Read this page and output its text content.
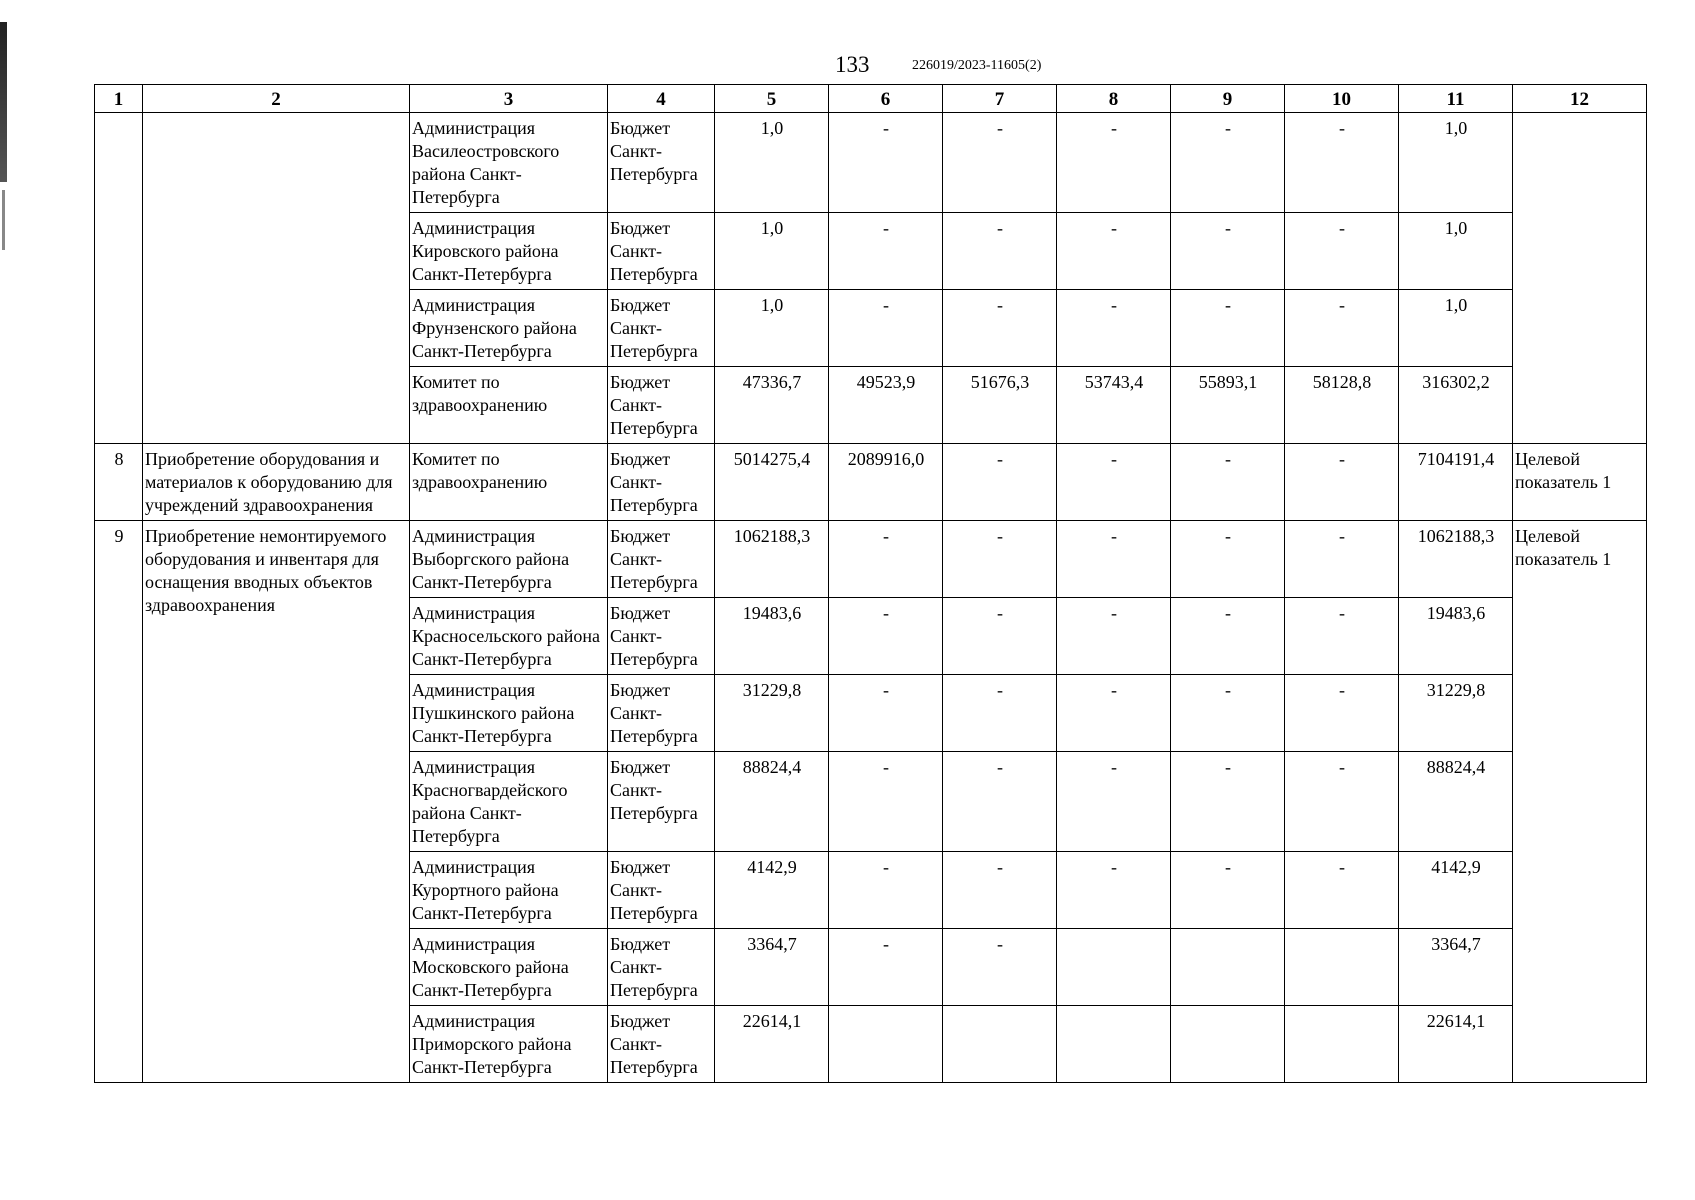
133	226019/2023-11605(2)
1	2	3	4	5	6	7	8	9	10	11	12
		Администрация Василеостровского района Санкт-Петербурга	Бюджет Санкт-Петербурга	1,0	-	-	-	-	-	1,0	
		Администрация Кировского района Санкт-Петербурга	Бюджет Санкт-Петербурга	1,0	-	-	-	-	-	1,0	
		Администрация Фрунзенского района Санкт-Петербурга	Бюджет Санкт-Петербурга	1,0	-	-	-	-	-	1,0	
		Комитет по здравоохранению	Бюджет Санкт-Петербурга	47336,7	49523,9	51676,3	53743,4	55893,1	58128,8	316302,2	
8	Приобретение оборудования и материалов к оборудованию для учреждений здравоохранения	Комитет по здравоохранению	Бюджет Санкт-Петербурга	5014275,4	2089916,0	-	-	-	-	7104191,4	Целевой показатель 1
9	Приобретение немонтируемого оборудования и инвентаря для оснащения вводных объектов здравоохранения	Администрация Выборгского района Санкт-Петербурга	Бюджет Санкт-Петербурга	1062188,3	-	-	-	-	-	1062188,3	Целевой показатель 1
		Администрация Красносельского района Санкт-Петербурга	Бюджет Санкт-Петербурга	19483,6	-	-	-	-	-	19483,6	
		Администрация Пушкинского района Санкт-Петербурга	Бюджет Санкт-Петербурга	31229,8	-	-	-	-	-	31229,8	
		Администрация Красногвардейского района Санкт-Петербурга	Бюджет Санкт-Петербурга	88824,4	-	-	-	-	-	88824,4	
		Администрация Курортного района Санкт-Петербурга	Бюджет Санкт-Петербурга	4142,9	-	-	-	-	-	4142,9	
		Администрация Московского района Санкт-Петербурга	Бюджет Санкт-Петербурга	3364,7	-	-				3364,7	
		Администрация Приморского района Санкт-Петербурга	Бюджет Санкт-Петербурга	22614,1						22614,1	
